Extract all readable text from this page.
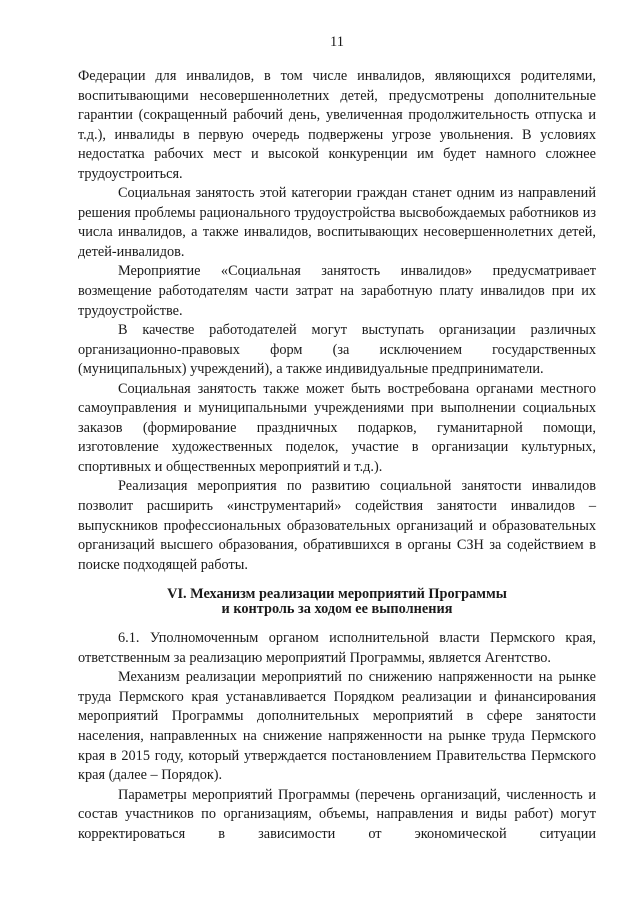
11

Федерации для инвалидов, в том числе инвалидов, являющихся родителями, воспитывающими несовершеннолетних детей, предусмотрены дополнительные гарантии (сокращенный рабочий день, увеличенная продолжительность отпуска и т.д.), инвалиды в первую очередь подвержены угрозе увольнения. В условиях недостатка рабочих мест и высокой конкуренции им будет намного сложнее трудоустроиться.

Социальная занятость этой категории граждан станет одним из направлений решения проблемы рационального трудоустройства высвобождаемых работников из числа инвалидов, а также инвалидов, воспитывающих несовершеннолетних детей, детей-инвалидов.

Мероприятие «Социальная занятость инвалидов» предусматривает возмещение работодателям части затрат на заработную плату инвалидов при их трудоустройстве.

В качестве работодателей могут выступать организации различных организационно-правовых форм (за исключением государственных (муниципальных) учреждений), а также индивидуальные предприниматели.

Социальная занятость также может быть востребована органами местного самоуправления и муниципальными учреждениями при выполнении социальных заказов (формирование праздничных подарков, гуманитарной помощи, изготовление художественных поделок, участие в организации культурных, спортивных и общественных мероприятий и т.д.).

Реализация мероприятия по развитию социальной занятости инвалидов позволит расширить «инструментарий» содействия занятости инвалидов – выпускников профессиональных образовательных организаций и образовательных организаций высшего образования, обратившихся в органы СЗН за содействием в поиске подходящей работы.

VI. Механизм реализации мероприятий Программы
и контроль за ходом ее выполнения

6.1. Уполномоченным органом исполнительной власти Пермского края, ответственным за реализацию мероприятий Программы, является Агентство.

Механизм реализации мероприятий по снижению напряженности на рынке труда Пермского края устанавливается Порядком реализации и финансирования мероприятий Программы дополнительных мероприятий в сфере занятости населения, направленных на снижение напряженности на рынке труда Пермского края в 2015 году, который утверждается постановлением Правительства Пермского края (далее – Порядок).

Параметры мероприятий Программы (перечень организаций, численность и состав участников по организациям, объемы, направления и виды работ) могут корректироваться в зависимости от экономической ситуации
